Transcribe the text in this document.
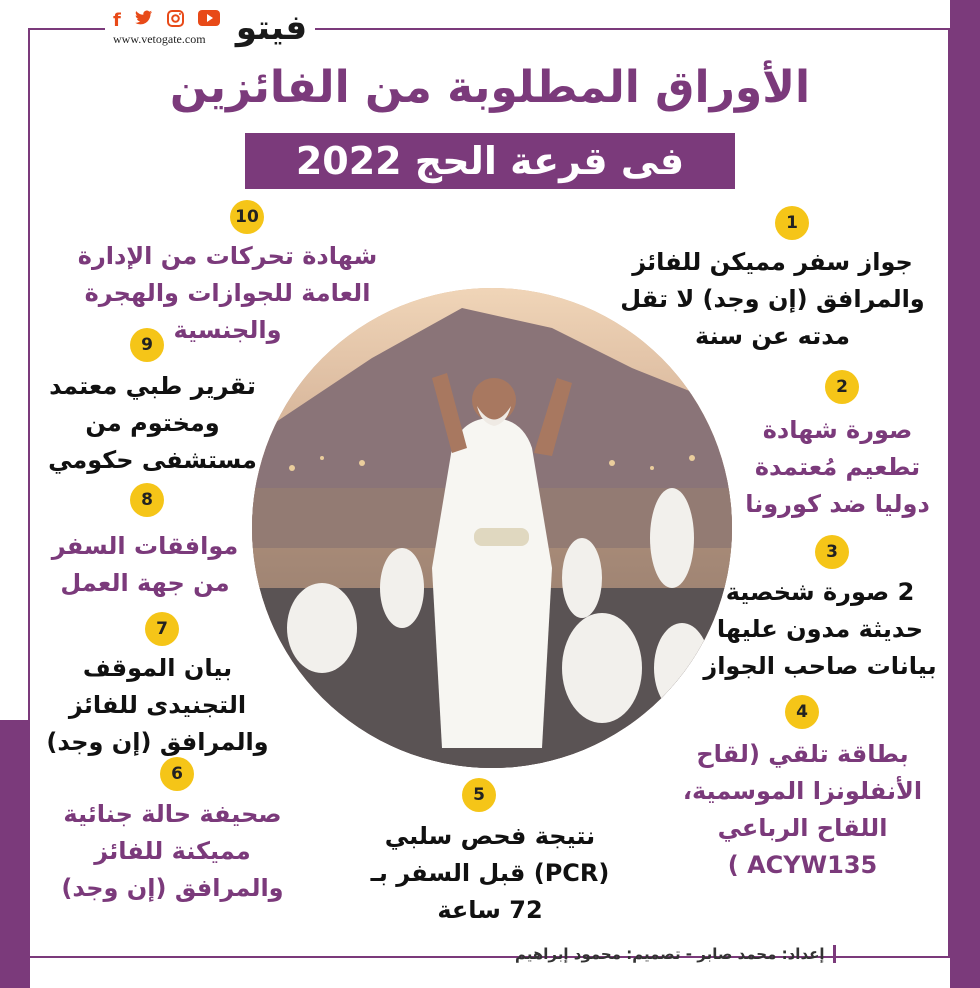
f
www.vetogate.com فيتو
الأوراق المطلوبة من الفائزين
فى قرعة الحج 2022
1
جواز سفر مميكن للفائز والمرافق (إن وجد) لا تقل مدته عن سنة
2
صورة شهادة تطعيم مُعتمدة دوليا ضد كورونا
3
2 صورة شخصية حديثة مدون عليها بيانات صاحب الجواز
4
بطاقة تلقي (لقاح الأنفلونزا الموسمية، اللقاح الرباعي ACYW135 )
5
نتيجة فحص سلبي (PCR) قبل السفر بـ 72 ساعة
10
شهادة تحركات من الإدارة العامة للجوازات والهجرة والجنسية
9
تقرير طبي معتمد ومختوم من مستشفى حكومي
8
موافقات السفر من جهة العمل
7
بيان الموقف التجنيدى للفائز والمرافق (إن وجد)
6
صحيفة حالة جنائية مميكنة للفائز والمرافق (إن وجد)
إعداد: محمد صابر - تصميم: محمود إبراهيم
